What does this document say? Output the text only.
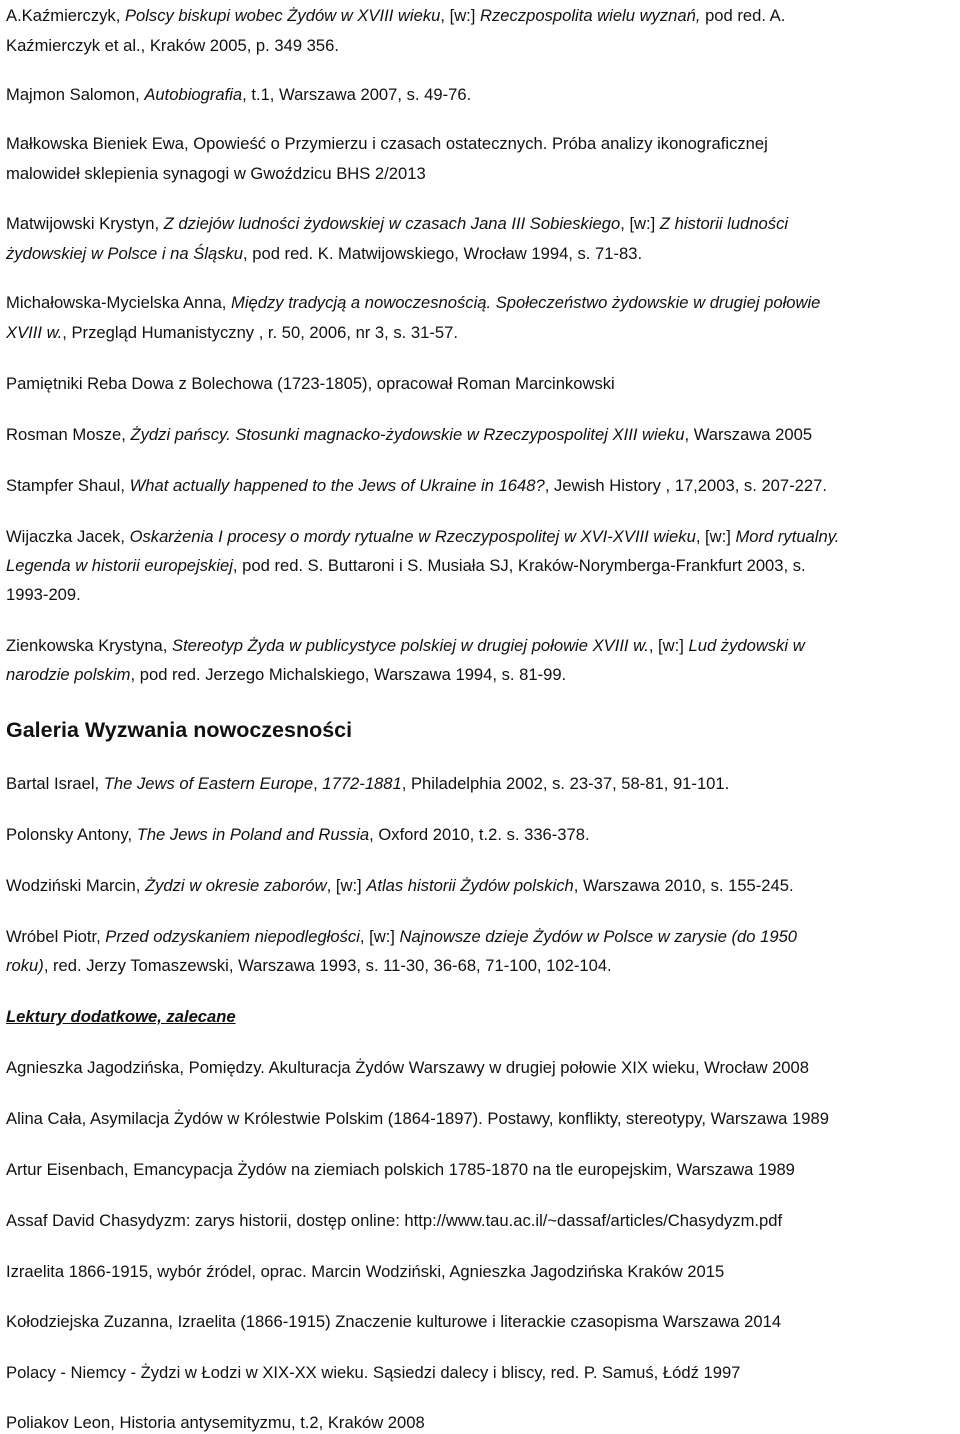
A.Kaźmierczyk, Polscy biskupi wobec Żydów w XVIII wieku, [w:] Rzeczpospolita wielu wyznań, pod red. A.
Kaźmierczyk et al., Kraków 2005, p. 349 356.
Majmon Salomon, Autobiografia, t.1, Warszawa 2007, s. 49-76.
Małkowska Bieniek Ewa, Opowieść o Przymierzu i czasach ostatecznych. Próba analizy ikonograficznej
malowideł sklepienia synagogi w Gwoździcu BHS 2/2013
Matwijowski Krystyn, Z dziejów ludności żydowskiej w czasach Jana III Sobieskiego, [w:] Z historii ludności
żydowskiej w Polsce i na Śląsku, pod red. K. Matwijowskiego, Wrocław 1994, s. 71-83.
Michałowska-Mycielska Anna, Między tradycją a nowoczesnością. Społeczeństwo żydowskie w drugiej połowie
XVIII w., Przegląd Humanistyczny , r. 50, 2006, nr 3, s. 31-57.
Pamiętniki Reba Dowa z Bolechowa (1723-1805), opracował Roman Marcinkowski
Rosman Mosze, Żydzi pańscy. Stosunki magnacko-żydowskie w Rzeczypospolitej XIII wieku, Warszawa 2005
Stampfer Shaul, What actually happened to the Jews of Ukraine in 1648?, Jewish History , 17,2003, s. 207-227.
Wijaczka Jacek, Oskarżenia I procesy o mordy rytualne w Rzeczypospolitej w XVI-XVIII wieku, [w:] Mord rytualny.
Legenda w historii europejskiej, pod red. S. Buttaroni i S. Musiała SJ, Kraków-Norymberga-Frankfurt 2003, s.
1993-209.
Zienkowska Krystyna, Stereotyp Żyda w publicystyce polskiej w drugiej połowie XVIII w., [w:] Lud żydowski w
narodzie polskim, pod red. Jerzego Michalskiego, Warszawa 1994, s. 81-99.
Galeria Wyzwania nowoczesności
Bartal Israel, The Jews of Eastern Europe, 1772-1881, Philadelphia 2002, s. 23-37, 58-81, 91-101.
Polonsky Antony, The Jews in Poland and Russia, Oxford 2010, t.2. s. 336-378.
Wodziński Marcin, Żydzi w okresie zaborów, [w:] Atlas historii Żydów polskich, Warszawa 2010, s. 155-245.
Wróbel Piotr, Przed odzyskaniem niepodległości, [w:] Najnowsze dzieje Żydów w Polsce w zarysie (do 1950
roku), red. Jerzy Tomaszewski, Warszawa 1993, s. 11-30, 36-68, 71-100, 102-104.
Lektury dodatkowe, zalecane
Agnieszka Jagodzińska, Pomiędzy. Akulturacja Żydów Warszawy w drugiej połowie XIX wieku, Wrocław 2008
Alina Cała, Asymilacja Żydów w Królestwie Polskim (1864-1897). Postawy, konflikty, stereotypy, Warszawa 1989
Artur Eisenbach, Emancypacja Żydów na ziemiach polskich 1785-1870 na tle europejskim, Warszawa 1989
Assaf David Chasydyzm: zarys historii, dostęp online: http://www.tau.ac.il/~dassaf/articles/Chasydyzm.pdf
Izraelita 1866-1915, wybór źródel, oprac. Marcin Wodziński, Agnieszka Jagodzińska Kraków 2015
Kołodziejska Zuzanna, Izraelita (1866-1915) Znaczenie kulturowe i literackie czasopisma Warszawa 2014
Polacy - Niemcy - Żydzi w Łodzi w XIX-XX wieku. Sąsiedzi dalecy i bliscy, red. P. Samuś, Łódź 1997
Poliakov Leon, Historia antysemityzmu, t.2, Kraków 2008
